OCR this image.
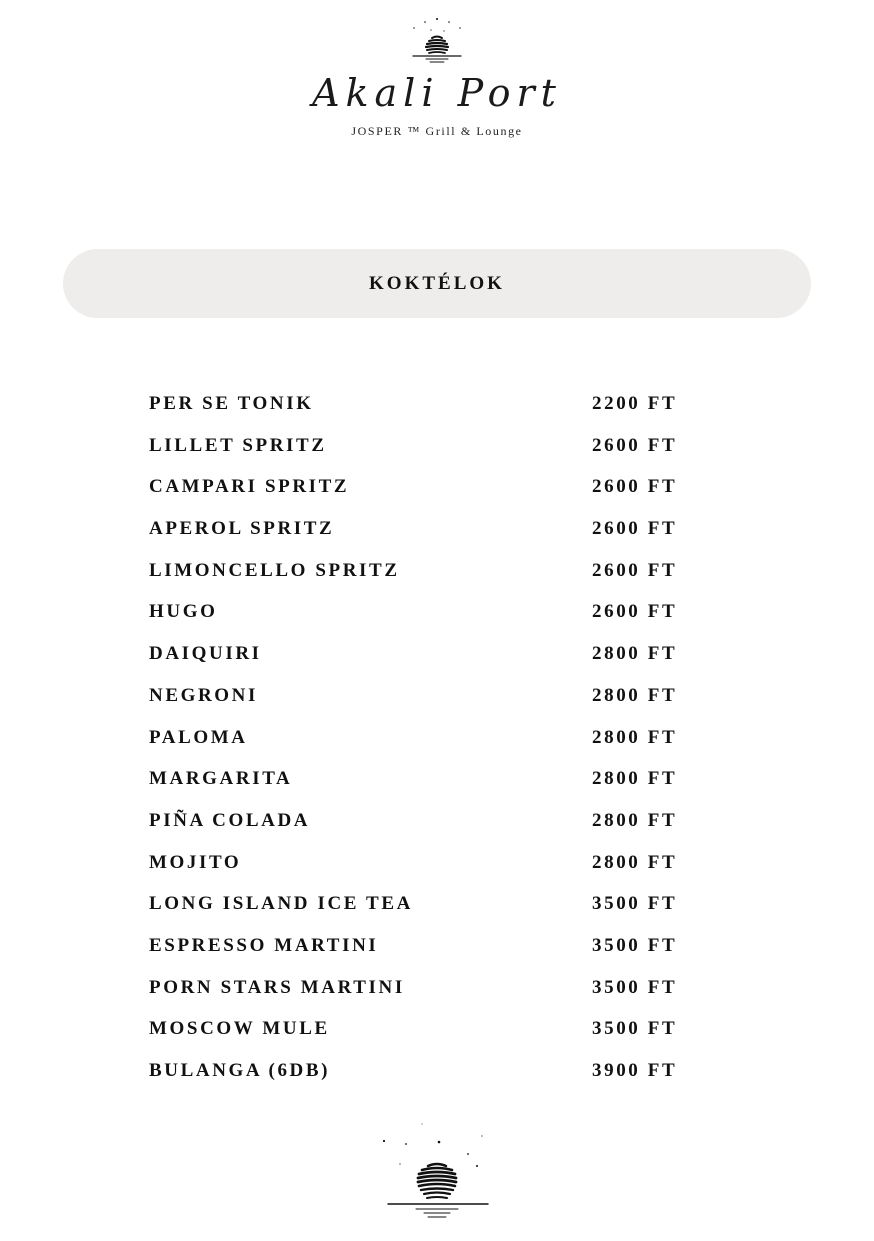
Akali Port
JOSPER ™ Grill & Lounge
KOKTÉLOK
PER SE TONIK	2200 FT
LILLET SPRITZ	2600 FT
CAMPARI SPRITZ	2600 FT
APEROL SPRITZ	2600 FT
LIMONCELLO SPRITZ	2600 FT
HUGO	2600 FT
DAIQUIRI	2800 FT
NEGRONI	2800 FT
PALOMA	2800 FT
MARGARITA	2800 FT
PIÑA COLADA	2800 FT
MOJITO	2800 FT
LONG ISLAND ICE TEA	3500 FT
ESPRESSO MARTINI	3500 FT
PORN STARS MARTINI	3500 FT
MOSCOW MULE	3500 FT
BULANGA (6DB)	3900 FT
